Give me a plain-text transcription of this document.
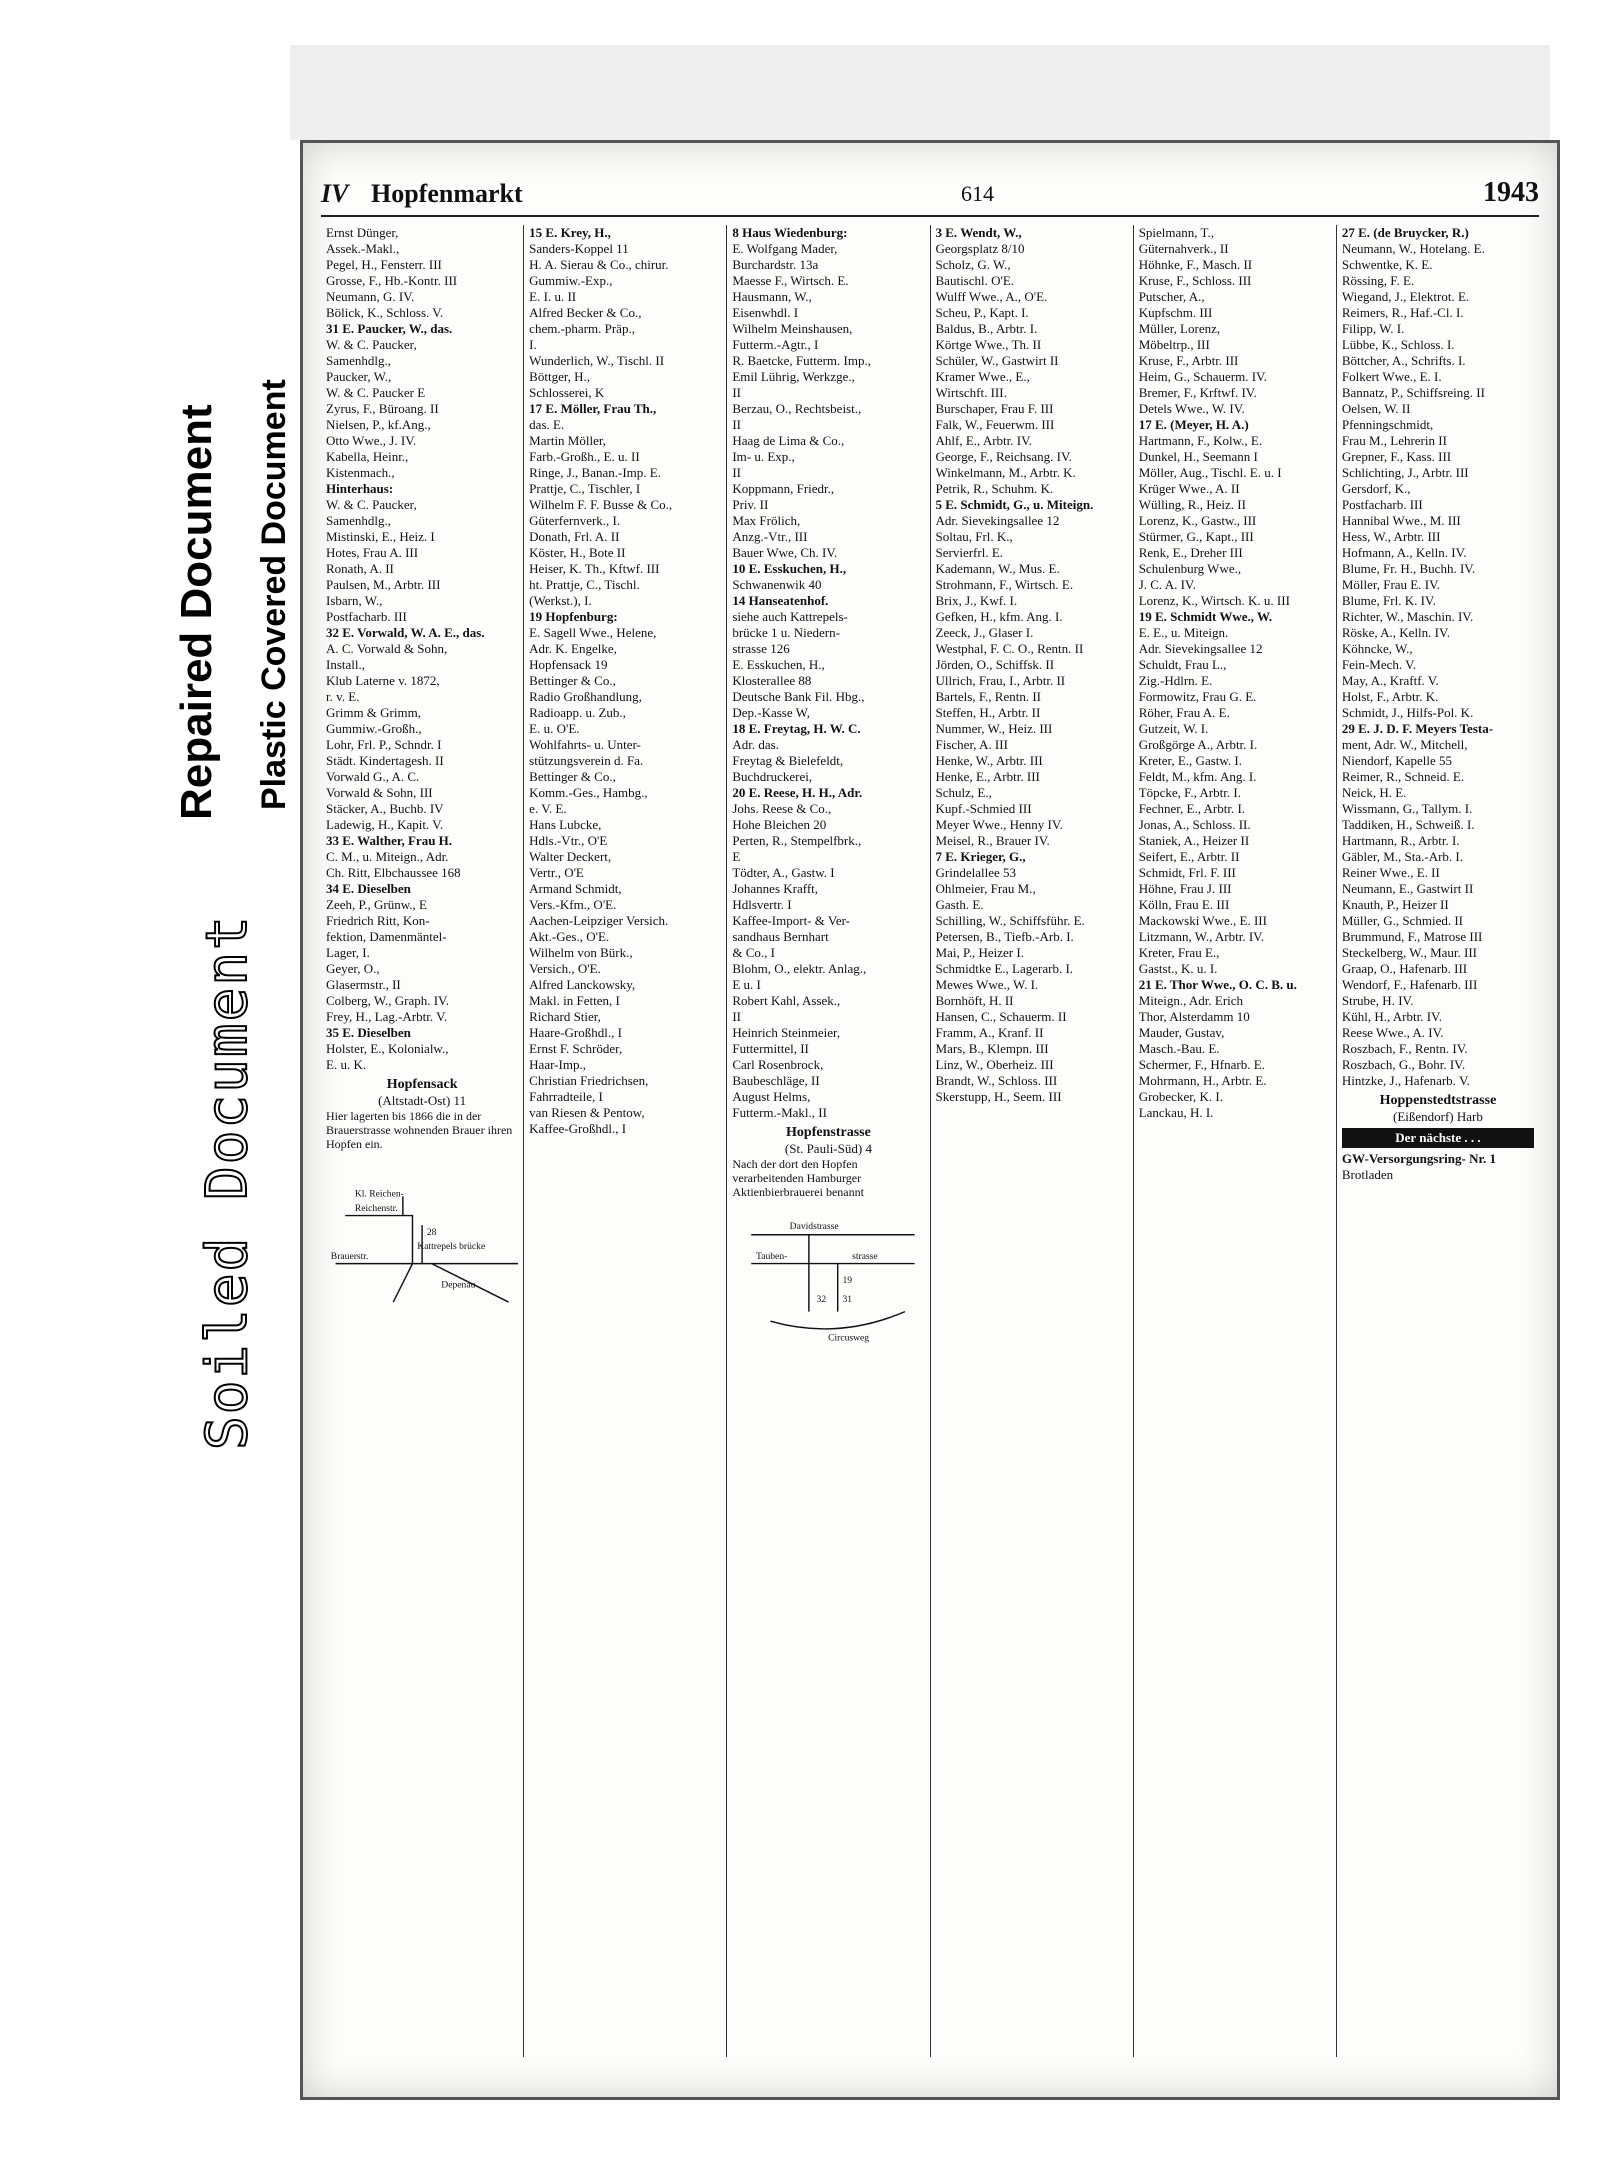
Repaired Document Plastic Covered Document
Soiled Document
IV Hopfenmarkt	614	1943
Ernst Dünger,
Assek.-Makl.,
Pegel, H., Fensterr. III
Grosse, F., Hb.-Kontr. III
Neumann, G. IV.
Bölick, K., Schloss. V.
31 E. Paucker, W., das.
W. & C. Paucker,
Samenhdlg.,
Paucker, W.,
W. & C. Paucker E
Zyrus, F., Büroang. II
Nielsen, P., kf.Ang.,
Otto Wwe., J. IV.
Kabella, Heinr.,
Kistenmach.,
Hinterhaus:
W. & C. Paucker,
Samenhdlg.,
Mistinski, E., Heiz. I
Hotes, Frau A. III
Ronath, A. II
Paulsen, M., Arbtr. III
Isbarn, W.,
Postfacharb. III
32 E. Vorwald, W. A. E., das.
A. C. Vorwald & Sohn,
Install.,
Klub Laterne v. 1872,
r. v. E.
Grimm & Grimm,
Gummiw.-Großh.,
Lohr, Frl. P., Schndr. I
Städt. Kindertagesh. II
Vorwald G., A. C.
Vorwald & Sohn, III
Stäcker, A., Buchb. IV
Ladewig, H., Kapit. V.
33 E. Walther, Frau H.
C. M., u. Miteign., Adr.
Ch. Ritt, Elbchaussee 168
34 E. Dieselben
Zeeh, P., Grünw., E
Friedrich Ritt, Kon-
fektion, Damenmäntel-
Lager, I.
Geyer, O.,
Glasermstr., II
Colberg, W., Graph. IV.
Frey, H., Lag.-Arbtr. V.
35 E. Dieselben
Holster, E., Kolonialw.,
E. u. K.
Hopfensack
(Altstadt-Ost) 11
Hier lagerten bis 1866 die in der Brauerstrasse wohnenden Brauer ihren Hopfen ein.
Kl. Reichen-
Reichenstr.
28
Kattrepels brücke
Brauerstr.
Depenau
15 E. Krey, H.,
Sanders-Koppel 11
H. A. Sierau & Co., chirur.
Gummiw.-Exp.,
E. I. u. II
Alfred Becker & Co.,
chem.-pharm. Präp.,
I.
Wunderlich, W., Tischl. II
Böttger, H.,
Schlosserei, K
17 E. Möller, Frau Th.,
das. E.
Martin Möller,
Farb.-Großh., E. u. II
Ringe, J., Banan.-Imp. E.
Prattje, C., Tischler, I
Wilhelm F. F. Busse & Co.,
Güterfernverk., I.
Donath, Frl. A. II
Köster, H., Bote II
Heiser, K. Th., Kftwf. III
ht. Prattje, C., Tischl.
(Werkst.), I.
19 Hopfenburg:
E. Sagell Wwe., Helene,
Adr. K. Engelke,
Hopfensack 19
Bettinger & Co.,
Radio Großhandlung,
Radioapp. u. Zub.,
E. u. O'E.
Wohlfahrts- u. Unter-
stützungsverein d. Fa.
Bettinger & Co.,
Komm.-Ges., Hambg.,
e. V. E.
Hans Lubcke,
Hdls.-Vtr., O'E
Walter Deckert,
Vertr., O'E
Armand Schmidt,
Vers.-Kfm., O'E.
Aachen-Leipziger Versich.
Akt.-Ges., O'E.
Wilhelm von Bürk.,
Versich., O'E.
Alfred Lanckowsky,
Makl. in Fetten, I
Richard Stier,
Haare-Großhdl., I
Ernst F. Schröder,
Haar-Imp.,
Christian Friedrichsen,
Fahrradteile, I
van Riesen & Pentow,
Kaffee-Großhdl., I
8 Haus Wiedenburg:
E. Wolfgang Mader,
Burchardstr. 13a
Maesse F., Wirtsch. E.
Hausmann, W.,
Eisenwhdl. I
Wilhelm Meinshausen,
Futterm.-Agtr., I
R. Baetcke, Futterm. Imp.,
Emil Lührig, Werkzge.,
II
Berzau, O., Rechtsbeist.,
II
Haag de Lima & Co.,
Im- u. Exp.,
II
Koppmann, Friedr.,
Priv. II
Max Frölich,
Anzg.-Vtr., III
Bauer Wwe, Ch. IV.
10 E. Esskuchen, H.,
Schwanenwik 40
14 Hanseatenhof.
siehe auch Kattrepels-
brücke 1 u. Niedern-
strasse 126
E. Esskuchen, H.,
Klosterallee 88
Deutsche Bank Fil. Hbg.,
Dep.-Kasse W,
18 E. Freytag, H. W. C.
Adr. das.
Freytag & Bielefeldt,
Buchdruckerei,
20 E. Reese, H. H., Adr.
Johs. Reese & Co.,
Hohe Bleichen 20
Perten, R., Stempelfbrk.,
E
Tödter, A., Gastw. I
Johannes Krafft,
Hdlsvertr. I
Kaffee-Import- & Ver-
sandhaus Bernhart
& Co., I
Blohm, O., elektr. Anlag.,
E u. I
Robert Kahl, Assek.,
II
Heinrich Steinmeier,
Futtermittel, II
Carl Rosenbrock,
Baubeschläge, II
August Helms,
Futterm.-Makl., II
Hopfenstrasse
(St. Pauli-Süd) 4
Nach der dort den Hopfen verarbeitenden Hamburger Aktienbierbrauerei benannt
Davidstrasse
Tauben-	strasse
Circusweg
19
32 31
3 E. Wendt, W.,
Georgsplatz 8/10
Scholz, G. W.,
Bautischl. O'E.
Wulff Wwe., A., O'E.
Scheu, P., Kapt. I.
Baldus, B., Arbtr. I.
Körtge Wwe., Th. II
Schüler, W., Gastwirt II
Kramer Wwe., E.,
Wirtschft. III.
Burschaper, Frau F. III
Falk, W., Feuerwm. III
Ahlf, E., Arbtr. IV.
George, F., Reichsang. IV.
Winkelmann, M., Arbtr. K.
Petrik, R., Schuhm. K.
5 E. Schmidt, G., u. Miteign.
Adr. Sievekingsallee 12
Soltau, Frl. K.,
Servierfrl. E.
Kademann, W., Mus. E.
Strohmann, F., Wirtsch. E.
Brix, J., Kwf. I.
Gefken, H., kfm. Ang. I.
Zeeck, J., Glaser I.
Westphal, F. C. O., Rentn. II
Jörden, O., Schiffsk. II
Ullrich, Frau, I., Arbtr. II
Bartels, F., Rentn. II
Steffen, H., Arbtr. II
Nummer, W., Heiz. III
Fischer, A. III
Henke, W., Arbtr. III
Henke, E., Arbtr. III
Schulz, E.,
Kupf.-Schmied III
Meyer Wwe., Henny IV.
Meisel, R., Brauer IV.
7 E. Krieger, G.,
Grindelallee 53
Ohlmeier, Frau M.,
Gasth. E.
Schilling, W., Schiffsführ. E.
Petersen, B., Tiefb.-Arb. I.
Mai, P., Heizer I.
Schmidtke E., Lagerarb. I.
Mewes Wwe., W. I.
Bornhöft, H. II
Hansen, C., Schauerm. II
Framm, A., Kranf. II
Mars, B., Klempn. III
Linz, W., Oberheiz. III
Brandt, W., Schloss. III
Skerstupp, H., Seem. III
Spielmann, T.,
Güternahverk., II
Höhnke, F., Masch. II
Kruse, F., Schloss. III
Putscher, A.,
Kupfschm. III
Müller, Lorenz,
Möbeltrp., III
Kruse, F., Arbtr. III
Heim, G., Schauerm. IV.
Bremer, F., Krftwf. IV.
Detels Wwe., W. IV.
17 E. (Meyer, H. A.)
Hartmann, F., Kolw., E.
Dunkel, H., Seemann I
Möller, Aug., Tischl. E. u. I
Krüger Wwe., A. II
Wülling, R., Heiz. II
Lorenz, K., Gastw., III
Stürmer, G., Kapt., III
Renk, E., Dreher III
Schulenburg Wwe.,
J. C. A. IV.
Lorenz, K., Wirtsch. K. u. III
19 E. Schmidt Wwe., W.
E. E., u. Miteign.
Adr. Sievekingsallee 12
Schuldt, Frau L.,
Zig.-Hdlrn. E.
Formowitz, Frau G. E.
Röher, Frau A. E.
Gutzeit, W. I.
Großgörge A., Arbtr. I.
Kreter, E., Gastw. I.
Feldt, M., kfm. Ang. I.
Töpcke, F., Arbtr. I.
Fechner, E., Arbtr. I.
Jonas, A., Schloss. II.
Staniek, A., Heizer II
Seifert, E., Arbtr. II
Schmidt, Frl. F. III
Höhne, Frau J. III
Kölln, Frau E. III
Mackowski Wwe., E. III
Litzmann, W., Arbtr. IV.
Kreter, Frau E.,
Gastst., K. u. I.
21 E. Thor Wwe., O. C. B. u.
Miteign., Adr. Erich
Thor, Alsterdamm 10
Mauder, Gustav,
Masch.-Bau. E.
Schermer, F., Hfnarb. E.
Mohrmann, H., Arbtr. E.
Grobecker, K. I.
Lanckau, H. I.
27 E. (de Bruycker, R.)
Neumann, W., Hotelang. E.
Schwentke, K. E.
Rössing, F. E.
Wiegand, J., Elektrot. E.
Reimers, R., Haf.-Cl. I.
Filipp, W. I.
Lübbe, K., Schloss. I.
Böttcher, A., Schrifts. I.
Folkert Wwe., E. I.
Bannatz, P., Schiffsreing. II
Oelsen, W. II
Pfenningschmidt,
Frau M., Lehrerin II
Grepner, F., Kass. III
Schlichting, J., Arbtr. III
Gersdorf, K.,
Postfacharb. III
Hannibal Wwe., M. III
Hess, W., Arbtr. III
Hofmann, A., Kelln. IV.
Blume, Fr. H., Buchh. IV.
Möller, Frau E. IV.
Blume, Frl. K. IV.
Richter, W., Maschin. IV.
Röske, A., Kelln. IV.
Köhncke, W.,
Fein-Mech. V.
May, A., Kraftf. V.
Holst, F., Arbtr. K.
Schmidt, J., Hilfs-Pol. K.
29 E. J. D. F. Meyers Testa-
ment, Adr. W., Mitchell,
Niendorf, Kapelle 55
Reimer, R., Schneid. E.
Neick, H. E.
Wissmann, G., Tallym. I.
Taddiken, H., Schweiß. I.
Hartmann, R., Arbtr. I.
Gäbler, M., Sta.-Arb. I.
Reiner Wwe., E. II
Neumann, E., Gastwirt II
Knauth, P., Heizer II
Müller, G., Schmied. II
Brummund, F., Matrose III
Steckelberg, W., Maur. III
Graap, O., Hafenarb. III
Wendorf, F., Hafenarb. III
Strube, H. IV.
Kühl, H., Arbtr. IV.
Reese Wwe., A. IV.
Roszbach, F., Rentn. IV.
Roszbach, G., Bohr. IV.
Hintzke, J., Hafenarb. V.
Hoppenstedtstrasse
(Eißendorf) Harb
Der nächste . . .
GW-Versorgungsring- Nr. 1
Brotladen
